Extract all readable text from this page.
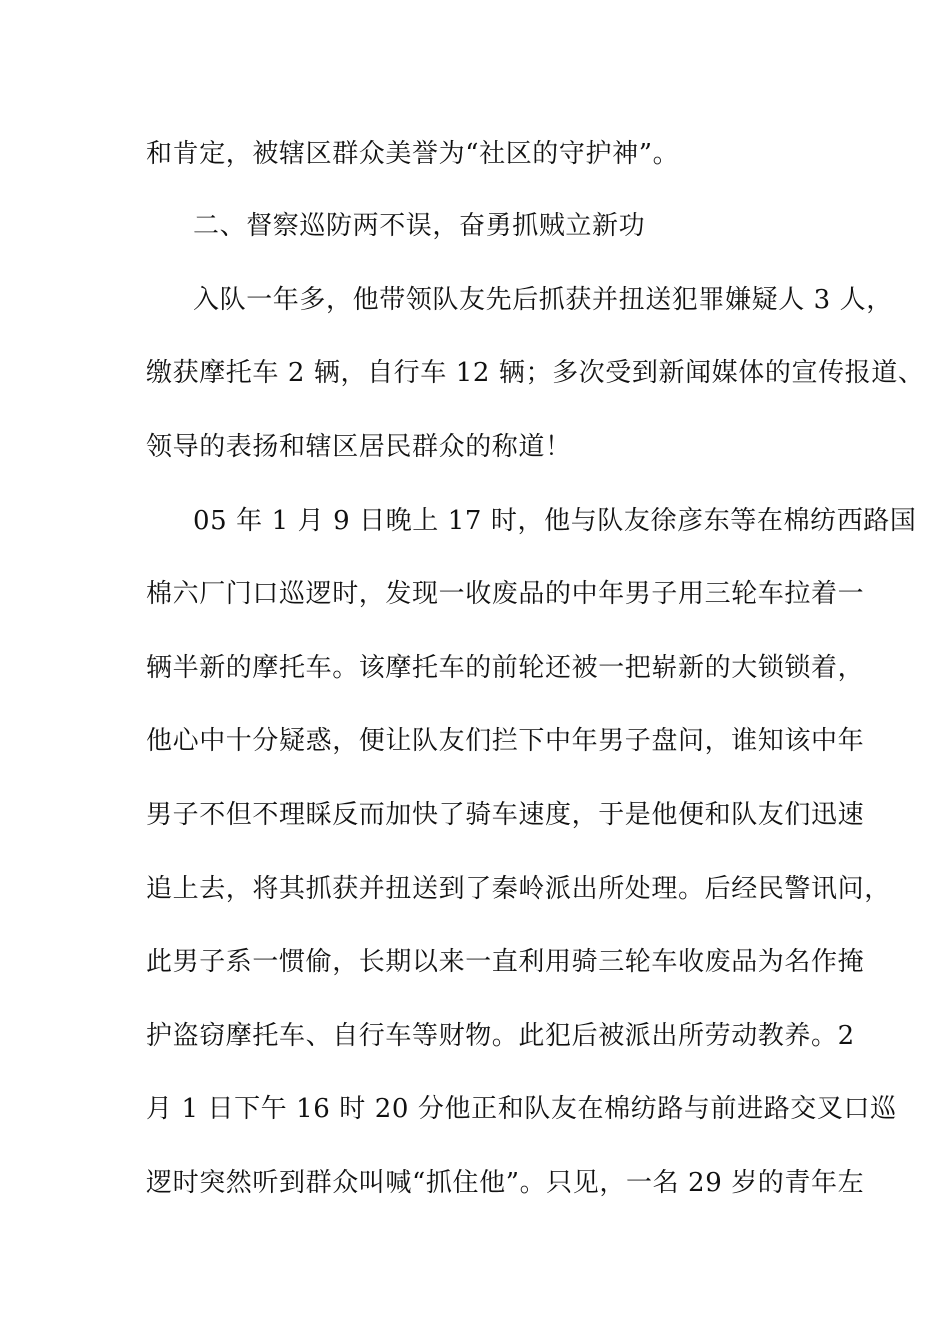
和肯定，被辖区群众美誉为“社区的守护神”。
二、督察巡防两不误，奋勇抓贼立新功
入队一年多，他带领队友先后抓获并扭送犯罪嫌疑人 3 人，
缴获摩托车 2 辆，自行车 12 辆；多次受到新闻媒体的宣传报道、
领导的表扬和辖区居民群众的称道！
05 年 1 月 9 日晚上 17 时，他与队友徐彦东等在棉纺西路国
棉六厂门口巡逻时，发现一收废品的中年男子用三轮车拉着一
辆半新的摩托车。该摩托车的前轮还被一把崭新的大锁锁着，
他心中十分疑惑，便让队友们拦下中年男子盘问，谁知该中年
男子不但不理睬反而加快了骑车速度，于是他便和队友们迅速
追上去，将其抓获并扭送到了秦岭派出所处理。后经民警讯问，
此男子系一惯偷，长期以来一直利用骑三轮车收废品为名作掩
护盗窃摩托车、自行车等财物。此犯后被派出所劳动教养。2
月 1 日下午 16 时 20 分他正和队友在棉纺路与前进路交叉口巡
逻时突然听到群众叫喊“抓住他”。只见，一名 29 岁的青年左
